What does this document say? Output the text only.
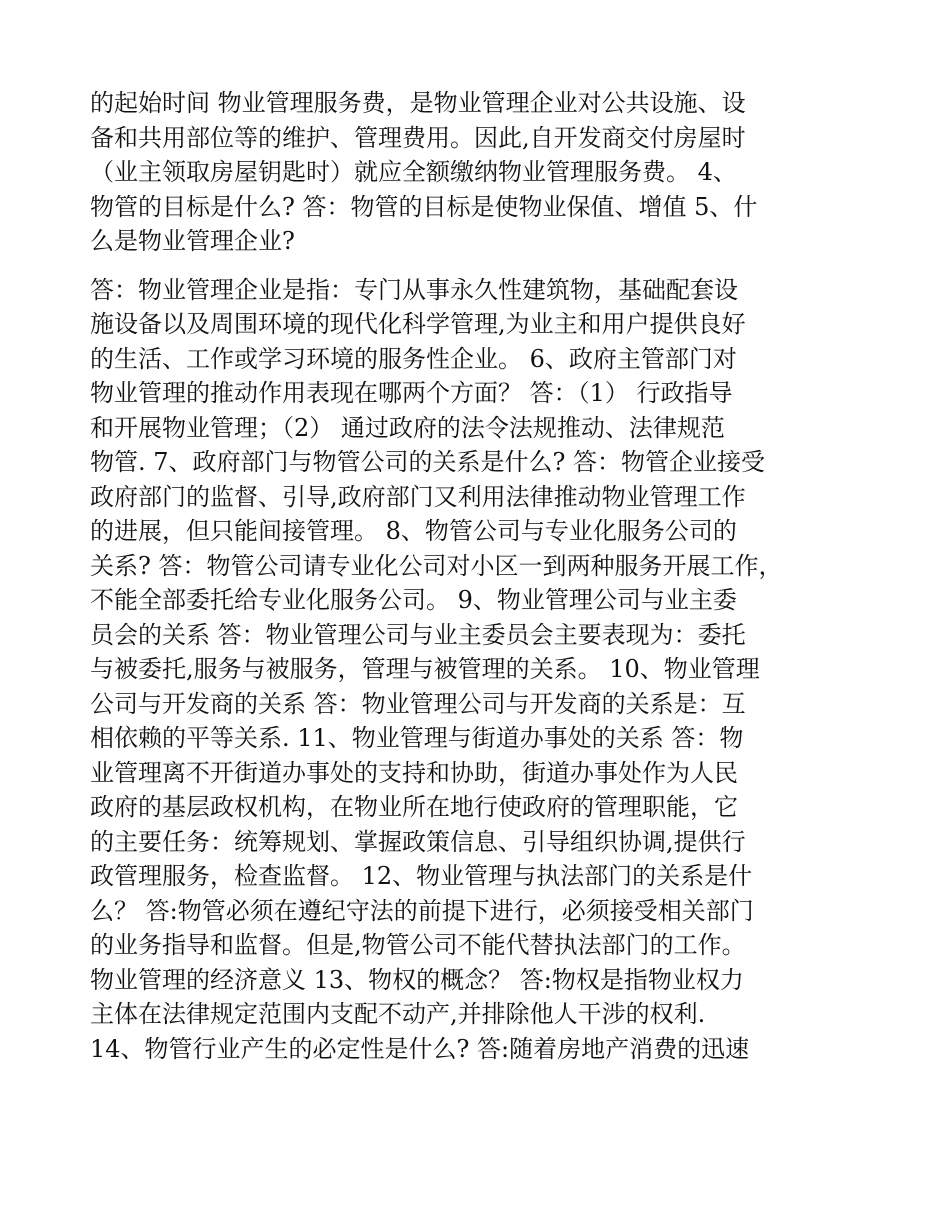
的起始时间 物业管理服务费，是物业管理企业对公共设施、设
备和共用部位等的维护、管理费用。因此,自开发商交付房屋时
（业主领取房屋钥匙时）就应全额缴纳物业管理服务费。 4、
物管的目标是什么? 答：物管的目标是使物业保值、增值 5、什
么是物业管理企业?
答：物业管理企业是指：专门从事永久性建筑物，基础配套设
施设备以及周围环境的现代化科学管理,为业主和用户提供良好
的生活、工作或学习环境的服务性企业。 6、政府主管部门对
物业管理的推动作用表现在哪两个方面？ 答：（1） 行政指导
和开展物业管理；（2） 通过政府的法令法规推动、法律规范
物管. 7、政府部门与物管公司的关系是什么? 答：物管企业接受
政府部门的监督、引导,政府部门又利用法律推动物业管理工作
的进展，但只能间接管理。 8、物管公司与专业化服务公司的
关系? 答：物管公司请专业化公司对小区一到两种服务开展工作，
不能全部委托给专业化服务公司。 9、物业管理公司与业主委
员会的关系 答：物业管理公司与业主委员会主要表现为：委托
与被委托,服务与被服务，管理与被管理的关系。 10、物业管理
公司与开发商的关系 答：物业管理公司与开发商的关系是：互
相依赖的平等关系. 11、物业管理与街道办事处的关系 答：物
业管理离不开街道办事处的支持和协助，街道办事处作为人民
政府的基层政权机构，在物业所在地行使政府的管理职能，它
的主要任务：统筹规划、掌握政策信息、引导组织协调,提供行
政管理服务，检查监督。 12、物业管理与执法部门的关系是什
么？ 答:物管必须在遵纪守法的前提下进行，必须接受相关部门
的业务指导和监督。但是,物管公司不能代替执法部门的工作。
物业管理的经济意义 13、物权的概念？ 答:物权是指物业权力
主体在法律规定范围内支配不动产,并排除他人干涉的权利.
14、物管行业产生的必定性是什么? 答:随着房地产消费的迅速
